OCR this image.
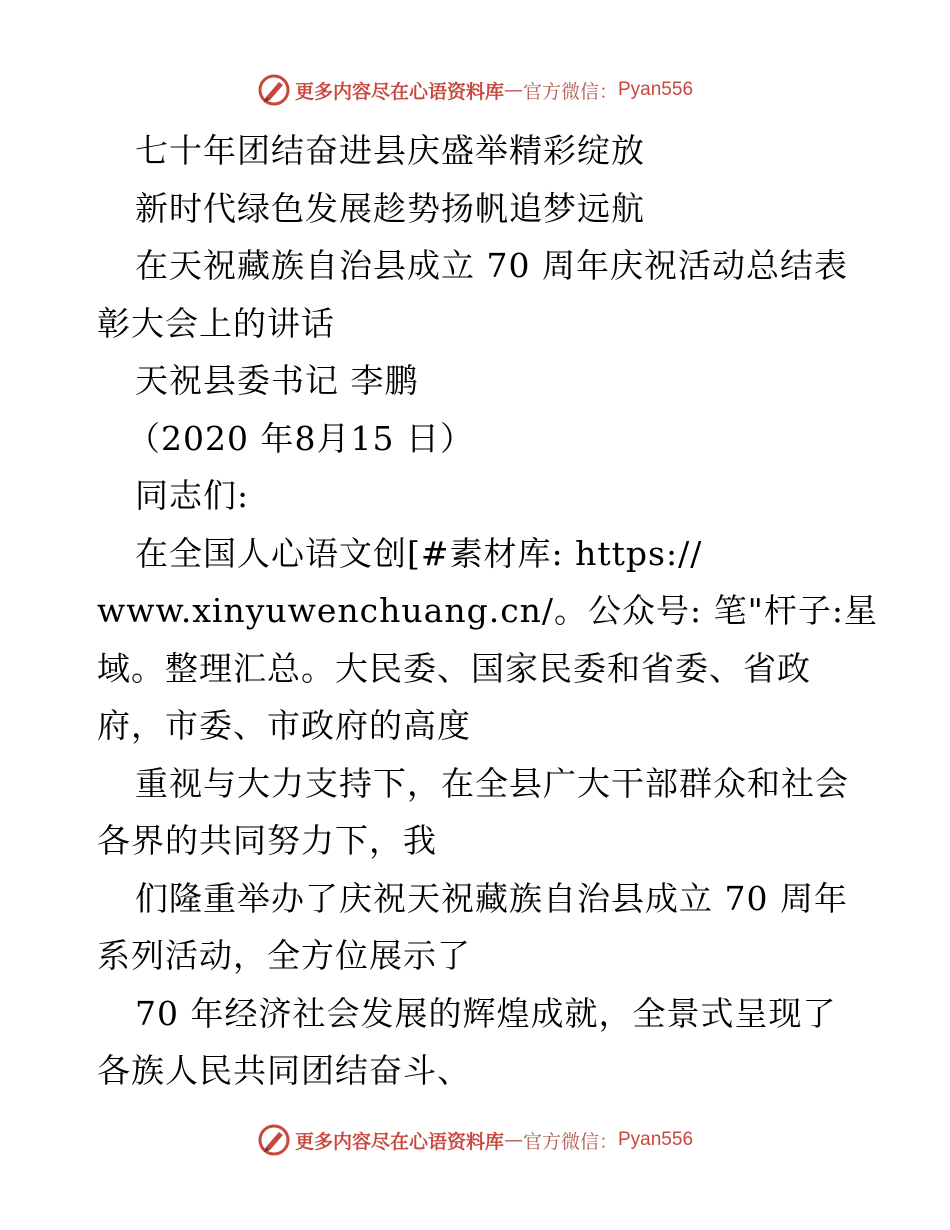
更多内容尽在心语资料库 — 官方微信： Pyan556
七十年团结奋进县庆盛举精彩绽放
新时代绿色发展趁势扬帆追梦远航
在天祝藏族自治县成立 70 周年庆祝活动总结表
彰大会上的讲话
天祝县委书记 李鹏
（2020 年8月15 日）
同志们:
在全国人心语文创[#素材库: https://
www.xinyuwenchuang.cn/。公众号: 笔"杆子:星
域。整理汇总。大民委、国家民委和省委、省政
府，市委、市政府的高度
重视与大力支持下，在全县广大干部群众和社会
各界的共同努力下，我
们隆重举办了庆祝天祝藏族自治县成立 70 周年
系列活动，全方位展示了
70 年经济社会发展的辉煌成就，全景式呈现了
各族人民共同团结奋斗、
更多内容尽在心语资料库 — 官方微信： Pyan556
